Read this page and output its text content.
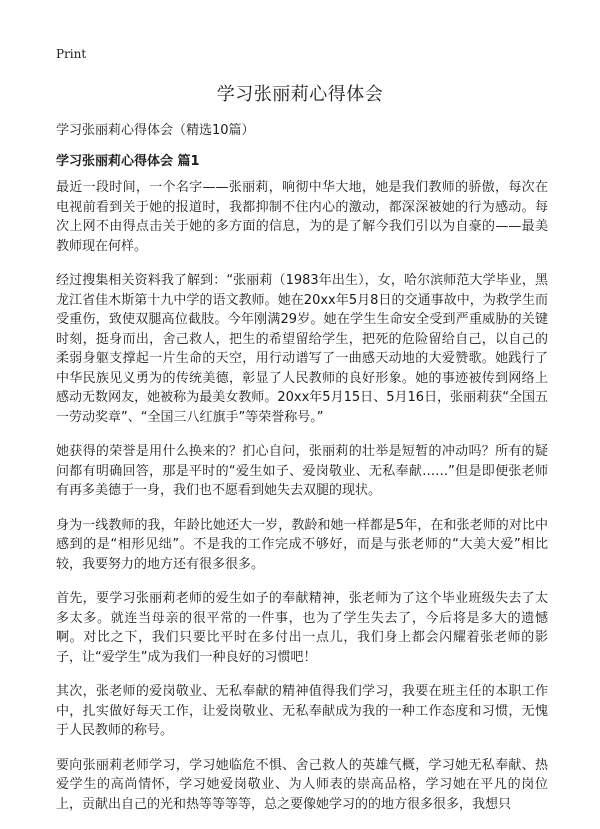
Print
学习张丽莉心得体会
学习张丽莉心得体会（精选10篇）
学习张丽莉心得体会 篇1

最近一段时间，一个名字——张丽莉，响彻中华大地，她是我们教师的骄傲，每次在电视前看到关于她的报道时，我都抑制不住内心的激动，都深深被她的行为感动。每次上网不由得点击关于她的多方面的信息，为的是了解今我们引以为自豪的——最美教师现在何样。

经过搜集相关资料我了解到：“张丽莉（1983年出生），女，哈尔滨师范大学毕业，黑龙江省佳木斯第十九中学的语文教师。她在20xx年5月8日的交通事故中，为救学生而受重伤，致使双腿高位截肢。今年刚满29岁。她在学生生命安全受到严重威胁的关键时刻，挺身而出，舍己救人，把生的希望留给学生，把死的危险留给自己，以自己的柔弱身躯支撑起一片生命的天空，用行动谱写了一曲感天动地的大爱赞歌。她践行了中华民族见义勇为的传统美德，彰显了人民教师的良好形象。她的事迹被传到网络上感动无数网友，她被称为最美女教师。20xx年5月15日、5月16日，张丽莉获“全国五一劳动奖章”、“全国三八红旗手”等荣誉称号。”

她获得的荣誉是用什么换来的？扪心自问，张丽莉的壮举是短暂的冲动吗？所有的疑问都有明确回答，那是平时的“爱生如子、爱岗敬业、无私奉献……”但是即便张老师有再多美德于一身，我们也不愿看到她失去双腿的现状。

身为一线教师的我，年龄比她还大一岁，教龄和她一样都是5年，在和张老师的对比中感到的是“相形见绌”。不是我的工作完成不够好，而是与张老师的“大美大爱”相比较，我要努力的地方还有很多很多。

首先，要学习张丽莉老师的爱生如子的奉献精神，张老师为了这个毕业班级失去了太多太多。就连当母亲的很平常的一件事，也为了学生失去了，今后将是多大的遗憾啊。对比之下，我们只要比平时在多付出一点儿，我们身上都会闪耀着张老师的影子，让“爱学生”成为我们一种良好的习惯吧！

其次，张老师的爱岗敬业、无私奉献的精神值得我们学习，我要在班主任的本职工作中，扎实做好每天工作，让爱岗敬业、无私奉献成为我的一种工作态度和习惯，无愧于人民教师的称号。

要向张丽莉老师学习，学习她临危不惧、舍己救人的英雄气概，学习她无私奉献、热爱学生的高尚情怀，学习她爱岗敬业、为人师表的崇高品格，学习她在平凡的岗位上，贡献出自己的光和热等等等等，总之要像她学习的的地方很多很多，我想只
